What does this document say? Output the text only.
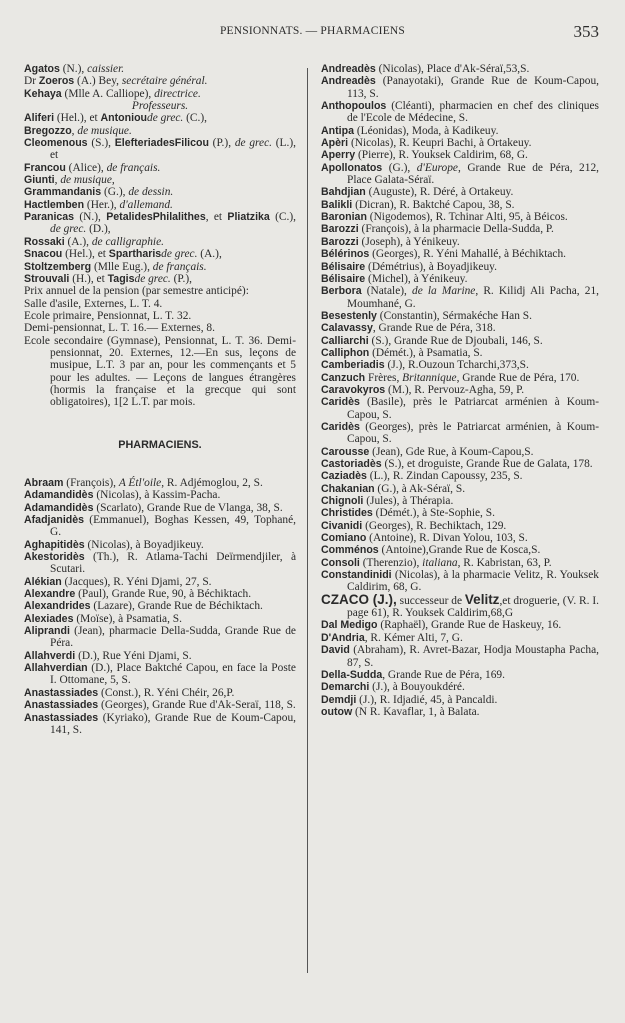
PENSIONNATS. — PHARMACIENS	353

Agatos (N.), caissier.

Dr Zoeros (A.) Bey, secrétaire général.

Kehaya (Mlle A. Calliope), directrice.

Professeurs.

Aliferi (Hel.), et Antonioude grec. (C.),

Bregozzo, de musique.

Cleomenous (S.), ElefteriadesFilicou (P.), de grec. (L.), et

Francou (Alice), de français.

Giunti, de musique,

Grammandanis (G.), de dessin.

Hactlemben (Her.), d'allemand.

Paranicas (N.), PetalidesPhilalithes, et Pliatzika (C.), de grec. (D.),

Rossaki (A.), de calligraphie.

Snacou (Hel.), et Spartharisde grec. (A.),

Stoltzemberg (Mlle Eug.), de français.

Strouvali (H.), et Tagisde grec. (P.),

Prix annuel de la pension (par semestre anticipé):

Salle d'asile, Externes, L. T. 4.

Ecole primaire, Pensionnat, L. T. 32.

Demi-pensionnat, L. T. 16.— Externes, 8.

Ecole secondaire (Gymnase), Pensionnat, L. T. 36. Demi-pensionnat, 20. Externes, 12.—En sus, leçons de musipue, L.T. 3 par an, pour les commençants et 5 pour les adultes. — Leçons de langues étrangères (hormis la française et la grecque qui sont obligatoires), 1[2 L.T. par mois.

PHARMACIENS.

Abraam (François), A Étl'oile, R. Adjémoglou, 2, S.

Adamandidès (Nicolas), à Kassim-Pacha.

Adamandidès (Scarlato), Grande Rue de Vlanga, 38, S.

Afadjanidès (Emmanuel), Boghas Kessen, 49, Tophané, G.

Aghapitidès (Nicolas), à Boyadjikeuy.

Akestoridès (Th.), R. Atlama-Tachi Deïrmendjiler, à Scutari.

Alékian (Jacques), R. Yéni Djami, 27, S.

Alexandre (Paul), Grande Rue, 90, à Béchiktach.

Alexandrides (Lazare), Grande Rue de Béchiktach.

Alexiades (Moïse), à Psamatia, S.

Aliprandi (Jean), pharmacie Della-Sudda, Grande Rue de Péra.

Allahverdi (D.), Rue Yéni Djami, S.

Allahverdian (D.), Place Baktché Capou, en face la Poste I. Ottomane, 5, S.

Anastassiades (Const.), R. Yéni Chéir, 26,P.

Anastassiades (Georges), Grande Rue d'Ak-Seraï, 118, S.

Anastassiades (Kyriako), Grande Rue de Koum-Capou, 141, S.

Andreadès (Nicolas), Place d'Ak-Séraï,53,S.

Andreadès (Panayotaki), Grande Rue de Koum-Capou, 113, S.

Anthopoulos (Cléanti), pharmacien en chef des cliniques de l'Ecole de Médecine, S.

Antipa (Léonidas), Moda, à Kadikeuy.

Apèri (Nicolas), R. Keupri Bachi, à Ortakeuy.

Aperry (Pierre), R. Youksek Caldirim, 68, G.

Apollonatos (G.), d'Europe, Grande Rue de Péra, 212, Place Galata-Séraï.

Bahdjian (Auguste), R. Déré, à Ortakeuy.

Balikli (Dicran), R. Baktché Capou, 38, S.

Baronian (Nigodemos), R. Tchinar Alti, 95, à Béicos.

Barozzi (François), à la pharmacie Della-Sudda, P.

Barozzi (Joseph), à Yénikeuy.

Bélérinos (Georges), R. Yéni Mahallé, à Béchiktach.

Bélisaire (Démétrius), à Boyadjikeuy.

Bélisaire (Michel), à Yénikeuy.

Berbora (Natale), de la Marine, R. Kilidj Ali Pacha, 21, Moumhané, G.

Besestenly (Constantin), Sérmakéche Han S.

Calavassy, Grande Rue de Péra, 318.

Calliarchi (S.), Grande Rue de Djoubali, 146, S.

Calliphon (Démét.), à Psamatia, S.

Camberiadis (J.), R.Ouzoun Tcharchi,373,S.

Canzuch Frères, Britannique, Grande Rue de Péra, 170.

Caravokyros (M.), R. Pervouz-Agha, 59, P.

Caridès (Basile), près le Patriarcat arménien à Koum-Capou, S.

Caridès (Georges), près le Patriarcat arménien, à Koum-Capou, S.

Carousse (Jean), Gde Rue, à Koum-Capou,S.

Castoriadès (S.), et droguiste, Grande Rue de Galata, 178.

Caziadès (L.), R. Zindan Capoussy, 235, S.

Chakanian (G.), à Ak-Séraï, S.

Chignoli (Jules), à Thérapia.

Christides (Démét.), à Ste-Sophie, S.

Civanidi (Georges), R. Bechiktach, 129.

Comiano (Antoine), R. Divan Yolou, 103, S.

Comménos (Antoine),Grande Rue de Kosca,S.

Consoli (Therenzio), italiana, R. Kabristan, 63, P.

Constandinidi (Nicolas), à la pharmacie Velitz, R. Youksek Caldirim, 68, G.

CZACO (J.), successeur de Velitz,et droguerie, (V. R. I. page 61), R. Youksek Caldirim,68,G

Dal Medigo (Raphaël), Grande Rue de Haskeuy, 16.

D'Andria, R. Kémer Alti, 7, G.

David (Abraham), R. Avret-Bazar, Hodja Moustapha Pacha, 87, S.

Della-Sudda, Grande Rue de Péra, 169.

Demarchi (J.), à Bouyoukdéré.

Demdji (J.), R. Idjadié, 45, à Pancaldi.

outow (N R. Kavaflar, 1, à Balata.
